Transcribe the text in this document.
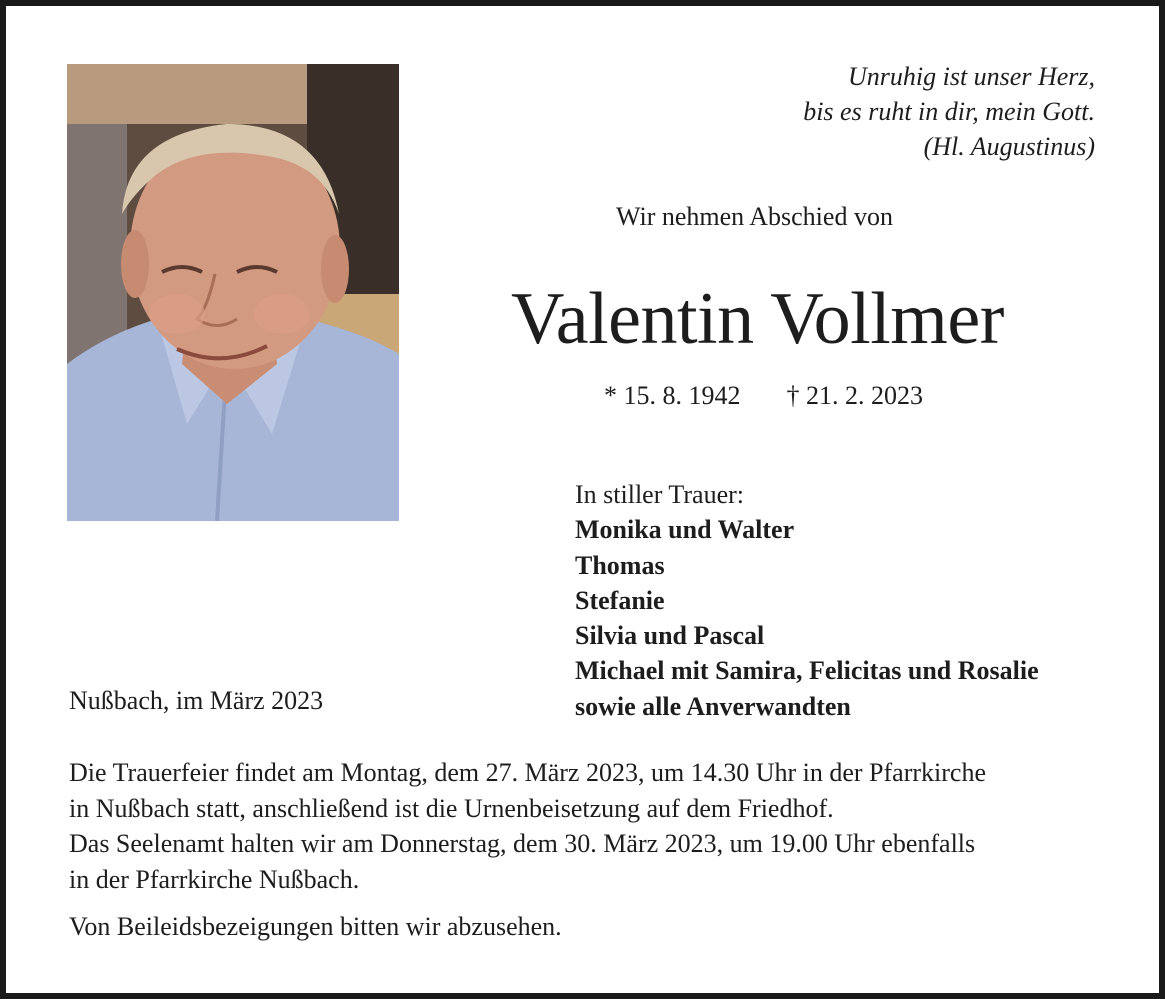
Unruhig ist unser Herz,
bis es ruht in dir, mein Gott.
(Hl. Augustinus)
Wir nehmen Abschied von
Valentin Vollmer
* 15. 8. 1942 † 21. 2. 2023
In stiller Trauer:
Monika und Walter
Thomas
Stefanie
Silvia und Pascal
Michael mit Samira, Felicitas und Rosalie
sowie alle Anverwandten
Nußbach, im März 2023
Die Trauerfeier findet am Montag, dem 27. März 2023, um 14.30 Uhr in der Pfarrkirche
in Nußbach statt, anschließend ist die Urnenbeisetzung auf dem Friedhof.
Das Seelenamt halten wir am Donnerstag, dem 30. März 2023, um 19.00 Uhr ebenfalls
in der Pfarrkirche Nußbach.
Von Beileidsbezeigungen bitten wir abzusehen.
